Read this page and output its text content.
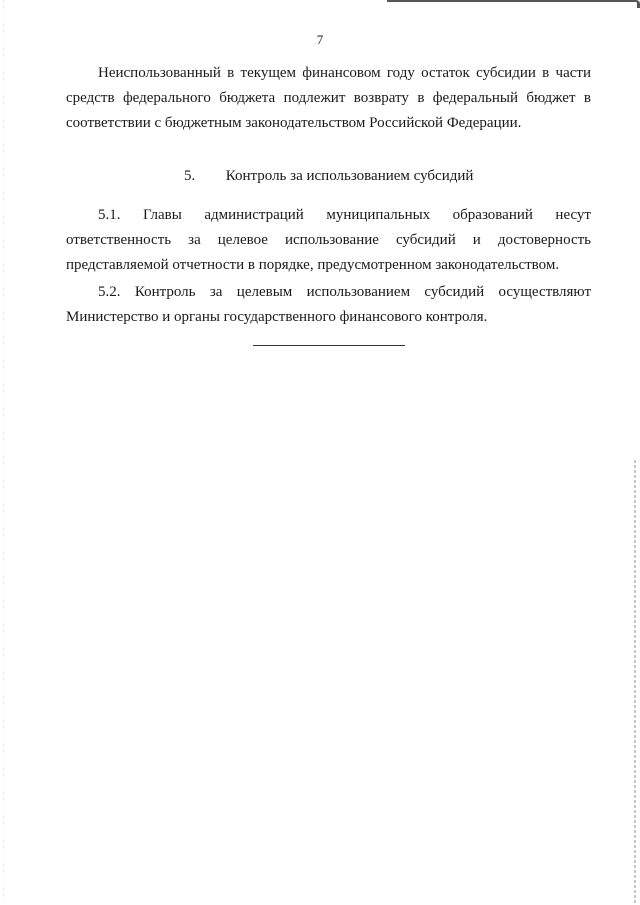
7
Неиспользованный в текущем финансовом году остаток субсидии в части
средств федерального бюджета подлежит возврату в федеральный бюджет в
соответствии с бюджетным законодательством Российской Федерации.
5. Контроль за использованием субсидий
5.1. Главы администраций муниципальных образований несут
ответственность за целевое использование субсидий и достоверность
представляемой отчетности в порядке, предусмотренном законодательством.
5.2. Контроль за целевым использованием субсидий осуществляют
Министерство и органы государственного финансового контроля.
